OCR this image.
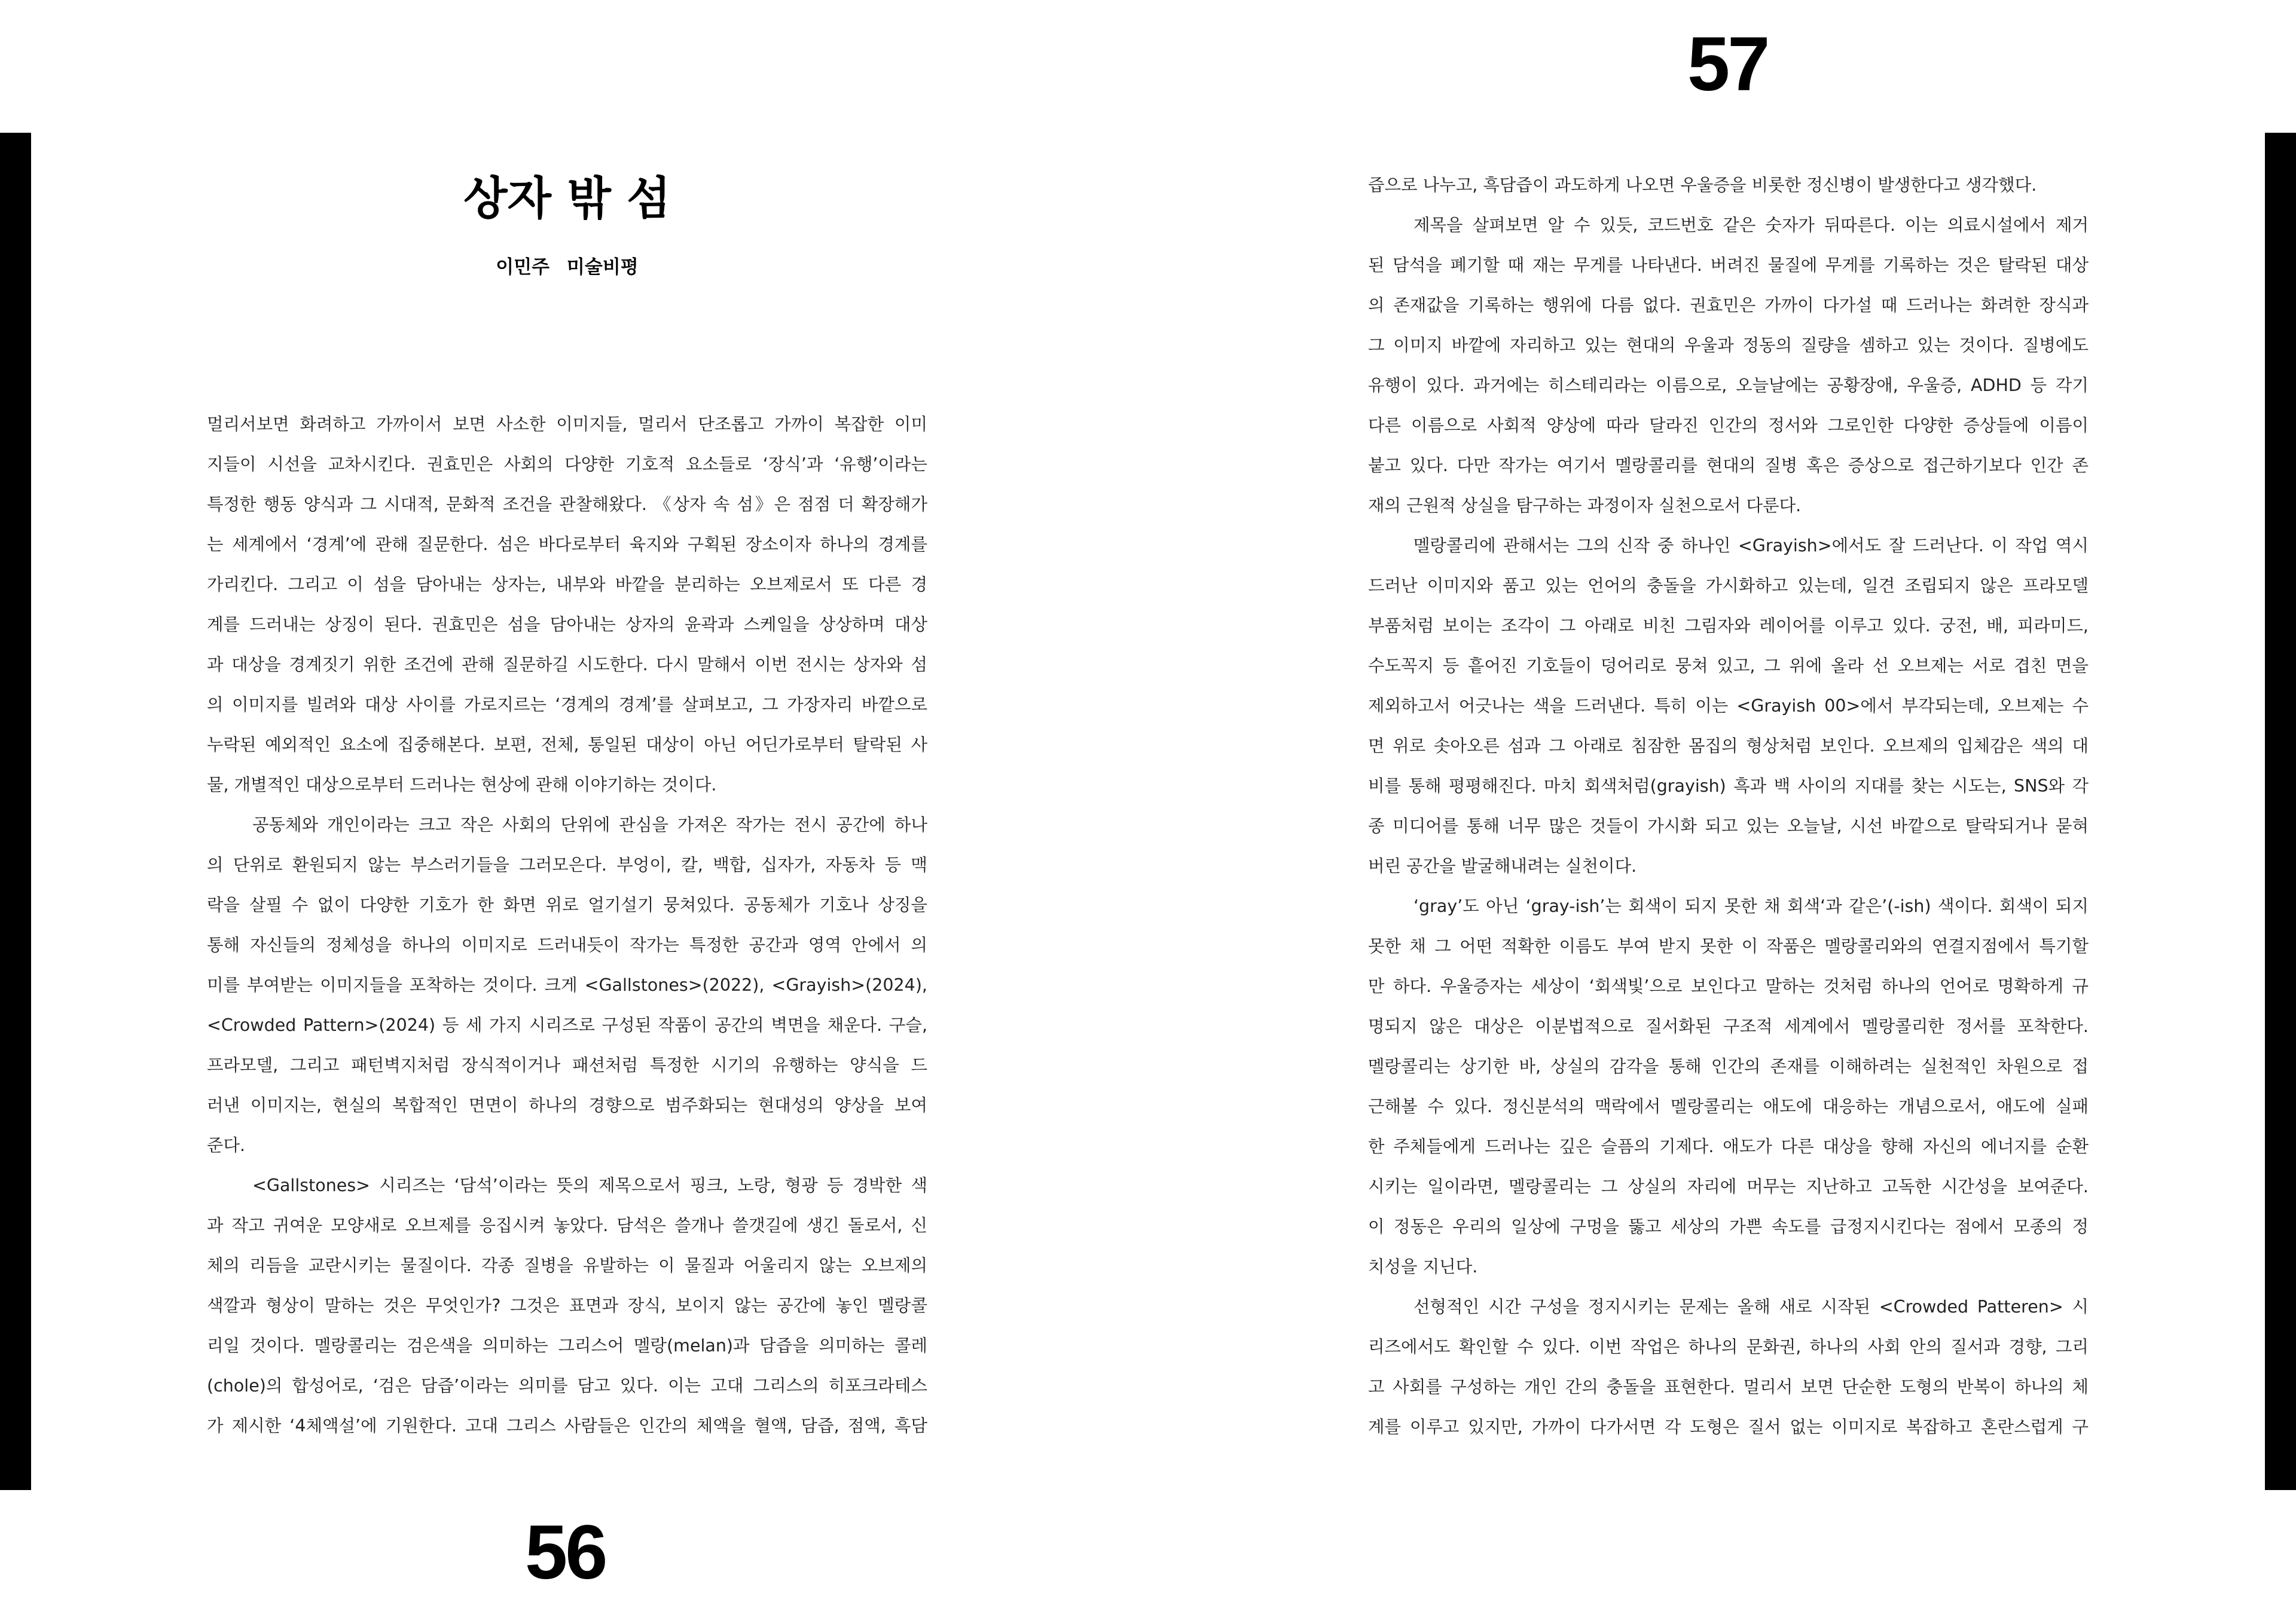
57
56
상자 밖 섬
이민주 미술비평
멀리서보면 화려하고 가까이서 보면 사소한 이미지들, 멀리서 단조롭고 가까이 복잡한 이미
지들이 시선을 교차시킨다. 권효민은 사회의 다양한 기호적 요소들로 ‘장식’과 ‘유행’이라는
특정한 행동 양식과 그 시대적, 문화적 조건을 관찰해왔다. 《상자 속 섬》은 점점 더 확장해가
는 세계에서 ‘경계’에 관해 질문한다. 섬은 바다로부터 육지와 구획된 장소이자 하나의 경계를
가리킨다. 그리고 이 섬을 담아내는 상자는, 내부와 바깥을 분리하는 오브제로서 또 다른 경
계를 드러내는 상징이 된다. 권효민은 섬을 담아내는 상자의 윤곽과 스케일을 상상하며 대상
과 대상을 경계짓기 위한 조건에 관해 질문하길 시도한다. 다시 말해서 이번 전시는 상자와 섬
의 이미지를 빌려와 대상 사이를 가로지르는 ‘경계의 경계’를 살펴보고, 그 가장자리 바깥으로
누락된 예외적인 요소에 집중해본다. 보편, 전체, 통일된 대상이 아닌 어딘가로부터 탈락된 사
물, 개별적인 대상으로부터 드러나는 현상에 관해 이야기하는 것이다.
공동체와 개인이라는 크고 작은 사회의 단위에 관심을 가져온 작가는 전시 공간에 하나
의 단위로 환원되지 않는 부스러기들을 그러모은다. 부엉이, 칼, 백합, 십자가, 자동차 등 맥
락을 살필 수 없이 다양한 기호가 한 화면 위로 얼기설기 뭉쳐있다. 공동체가 기호나 상징을
통해 자신들의 정체성을 하나의 이미지로 드러내듯이 작가는 특정한 공간과 영역 안에서 의
미를 부여받는 이미지들을 포착하는 것이다. 크게 <Gallstones>(2022), <Grayish>(2024),
<Crowded Pattern>(2024) 등 세 가지 시리즈로 구성된 작품이 공간의 벽면을 채운다. 구슬,
프라모델, 그리고 패턴벽지처럼 장식적이거나 패션처럼 특정한 시기의 유행하는 양식을 드
러낸 이미지는, 현실의 복합적인 면면이 하나의 경향으로 범주화되는 현대성의 양상을 보여
준다.
<Gallstones> 시리즈는 ‘담석’이라는 뜻의 제목으로서 핑크, 노랑, 형광 등 경박한 색
과 작고 귀여운 모양새로 오브제를 응집시켜 놓았다. 담석은 쓸개나 쓸갯길에 생긴 돌로서, 신
체의 리듬을 교란시키는 물질이다. 각종 질병을 유발하는 이 물질과 어울리지 않는 오브제의
색깔과 형상이 말하는 것은 무엇인가? 그것은 표면과 장식, 보이지 않는 공간에 놓인 멜랑콜
리일 것이다. 멜랑콜리는 검은색을 의미하는 그리스어 멜랑(melan)과 담즙을 의미하는 콜레
(chole)의 합성어로, ‘검은 담즙’이라는 의미를 담고 있다. 이는 고대 그리스의 히포크라테스
가 제시한 ‘4체액설’에 기원한다. 고대 그리스 사람들은 인간의 체액을 혈액, 담즙, 점액, 흑담
즙으로 나누고, 흑담즙이 과도하게 나오면 우울증을 비롯한 정신병이 발생한다고 생각했다.
제목을 살펴보면 알 수 있듯, 코드번호 같은 숫자가 뒤따른다. 이는 의료시설에서 제거
된 담석을 폐기할 때 재는 무게를 나타낸다. 버려진 물질에 무게를 기록하는 것은 탈락된 대상
의 존재값을 기록하는 행위에 다름 없다. 권효민은 가까이 다가설 때 드러나는 화려한 장식과
그 이미지 바깥에 자리하고 있는 현대의 우울과 정동의 질량을 셈하고 있는 것이다. 질병에도
유행이 있다. 과거에는 히스테리라는 이름으로, 오늘날에는 공황장애, 우울증, ADHD 등 각기
다른 이름으로 사회적 양상에 따라 달라진 인간의 정서와 그로인한 다양한 증상들에 이름이
붙고 있다. 다만 작가는 여기서 멜랑콜리를 현대의 질병 혹은 증상으로 접근하기보다 인간 존
재의 근원적 상실을 탐구하는 과정이자 실천으로서 다룬다.
멜랑콜리에 관해서는 그의 신작 중 하나인 <Grayish>에서도 잘 드러난다. 이 작업 역시
드러난 이미지와 품고 있는 언어의 충돌을 가시화하고 있는데, 일견 조립되지 않은 프라모델
부품처럼 보이는 조각이 그 아래로 비친 그림자와 레이어를 이루고 있다. 궁전, 배, 피라미드,
수도꼭지 등 흩어진 기호들이 덩어리로 뭉쳐 있고, 그 위에 올라 선 오브제는 서로 겹친 면을
제외하고서 어긋나는 색을 드러낸다. 특히 이는 <Grayish 00>에서 부각되는데, 오브제는 수
면 위로 솟아오른 섬과 그 아래로 침잠한 몸집의 형상처럼 보인다. 오브제의 입체감은 색의 대
비를 통해 평평해진다. 마치 회색처럼(grayish) 흑과 백 사이의 지대를 찾는 시도는, SNS와 각
종 미디어를 통해 너무 많은 것들이 가시화 되고 있는 오늘날, 시선 바깥으로 탈락되거나 묻혀
버린 공간을 발굴해내려는 실천이다.
‘gray’도 아닌 ‘gray-ish’는 회색이 되지 못한 채 회색‘과 같은’(-ish) 색이다. 회색이 되지
못한 채 그 어떤 적확한 이름도 부여 받지 못한 이 작품은 멜랑콜리와의 연결지점에서 특기할
만 하다. 우울증자는 세상이 ‘회색빛’으로 보인다고 말하는 것처럼 하나의 언어로 명확하게 규
명되지 않은 대상은 이분법적으로 질서화된 구조적 세계에서 멜랑콜리한 정서를 포착한다.
멜랑콜리는 상기한 바, 상실의 감각을 통해 인간의 존재를 이해하려는 실천적인 차원으로 접
근해볼 수 있다. 정신분석의 맥락에서 멜랑콜리는 애도에 대응하는 개념으로서, 애도에 실패
한 주체들에게 드러나는 깊은 슬픔의 기제다. 애도가 다른 대상을 향해 자신의 에너지를 순환
시키는 일이라면, 멜랑콜리는 그 상실의 자리에 머무는 지난하고 고독한 시간성을 보여준다.
이 정동은 우리의 일상에 구멍을 뚫고 세상의 가쁜 속도를 급정지시킨다는 점에서 모종의 정
치성을 지닌다.
선형적인 시간 구성을 정지시키는 문제는 올해 새로 시작된 <Crowded Patteren> 시
리즈에서도 확인할 수 있다. 이번 작업은 하나의 문화권, 하나의 사회 안의 질서과 경향, 그리
고 사회를 구성하는 개인 간의 충돌을 표현한다. 멀리서 보면 단순한 도형의 반복이 하나의 체
계를 이루고 있지만, 가까이 다가서면 각 도형은 질서 없는 이미지로 복잡하고 혼란스럽게 구
